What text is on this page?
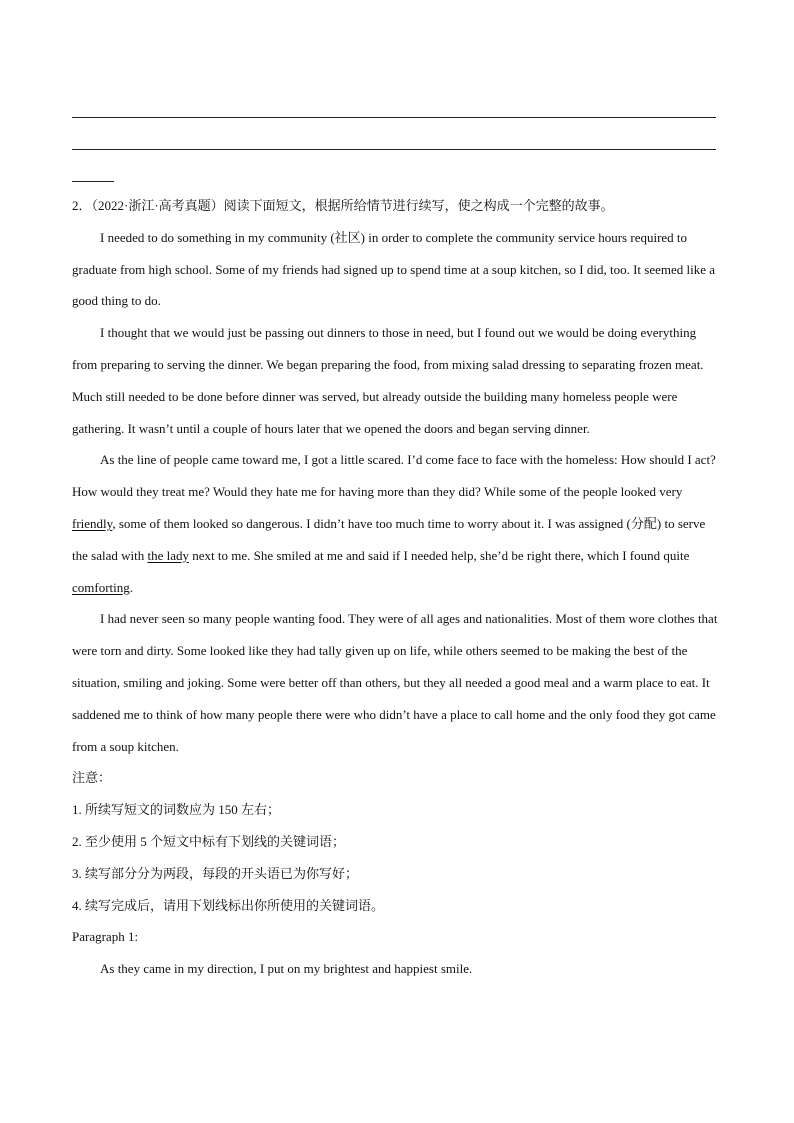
2．（2022·浙江·高考真题）阅读下面短文，根据所给情节进行续写，使之构成一个完整的故事。

I needed to do something in my community (社区) in order to complete the community service hours required to graduate from high school. Some of my friends had signed up to spend time at a soup kitchen, so I did, too. It seemed like a good thing to do.

I thought that we would just be passing out dinners to those in need, but I found out we would be doing everything from preparing to serving the dinner. We began preparing the food, from mixing salad dressing to separating frozen meat. Much still needed to be done before dinner was served, but already outside the building many homeless people were gathering. It wasn’t until a couple of hours later that we opened the doors and began serving dinner.

As the line of people came toward me, I got a little scared. I’d come face to face with the homeless: How should I act? How would they treat me? Would they hate me for having more than they did? While some of the people looked very friendly, some of them looked so dangerous. I didn’t have too much time to worry about it. I was assigned (分配) to serve the salad with the lady next to me. She smiled at me and said if I needed help, she’d be right there, which I found quite comforting.

I had never seen so many people wanting food. They were of all ages and nationalities. Most of them wore clothes that were torn and dirty. Some looked like they had tally given up on life, while others seemed to be making the best of the situation, smiling and joking. Some were better off than others, but they all needed a good meal and a warm place to eat. It saddened me to think of how many people there were who didn’t have a place to call home and the only food they got came from a soup kitchen.

注意：

1. 所续写短文的词数应为 150 左右；

2. 至少使用 5 个短文中标有下划线的关键词语；

3. 续写部分分为两段，每段的开头语已为你写好；

4. 续写完成后，请用下划线标出你所使用的关键词语。

Paragraph 1:

As they came in my direction, I put on my brightest and happiest smile.
